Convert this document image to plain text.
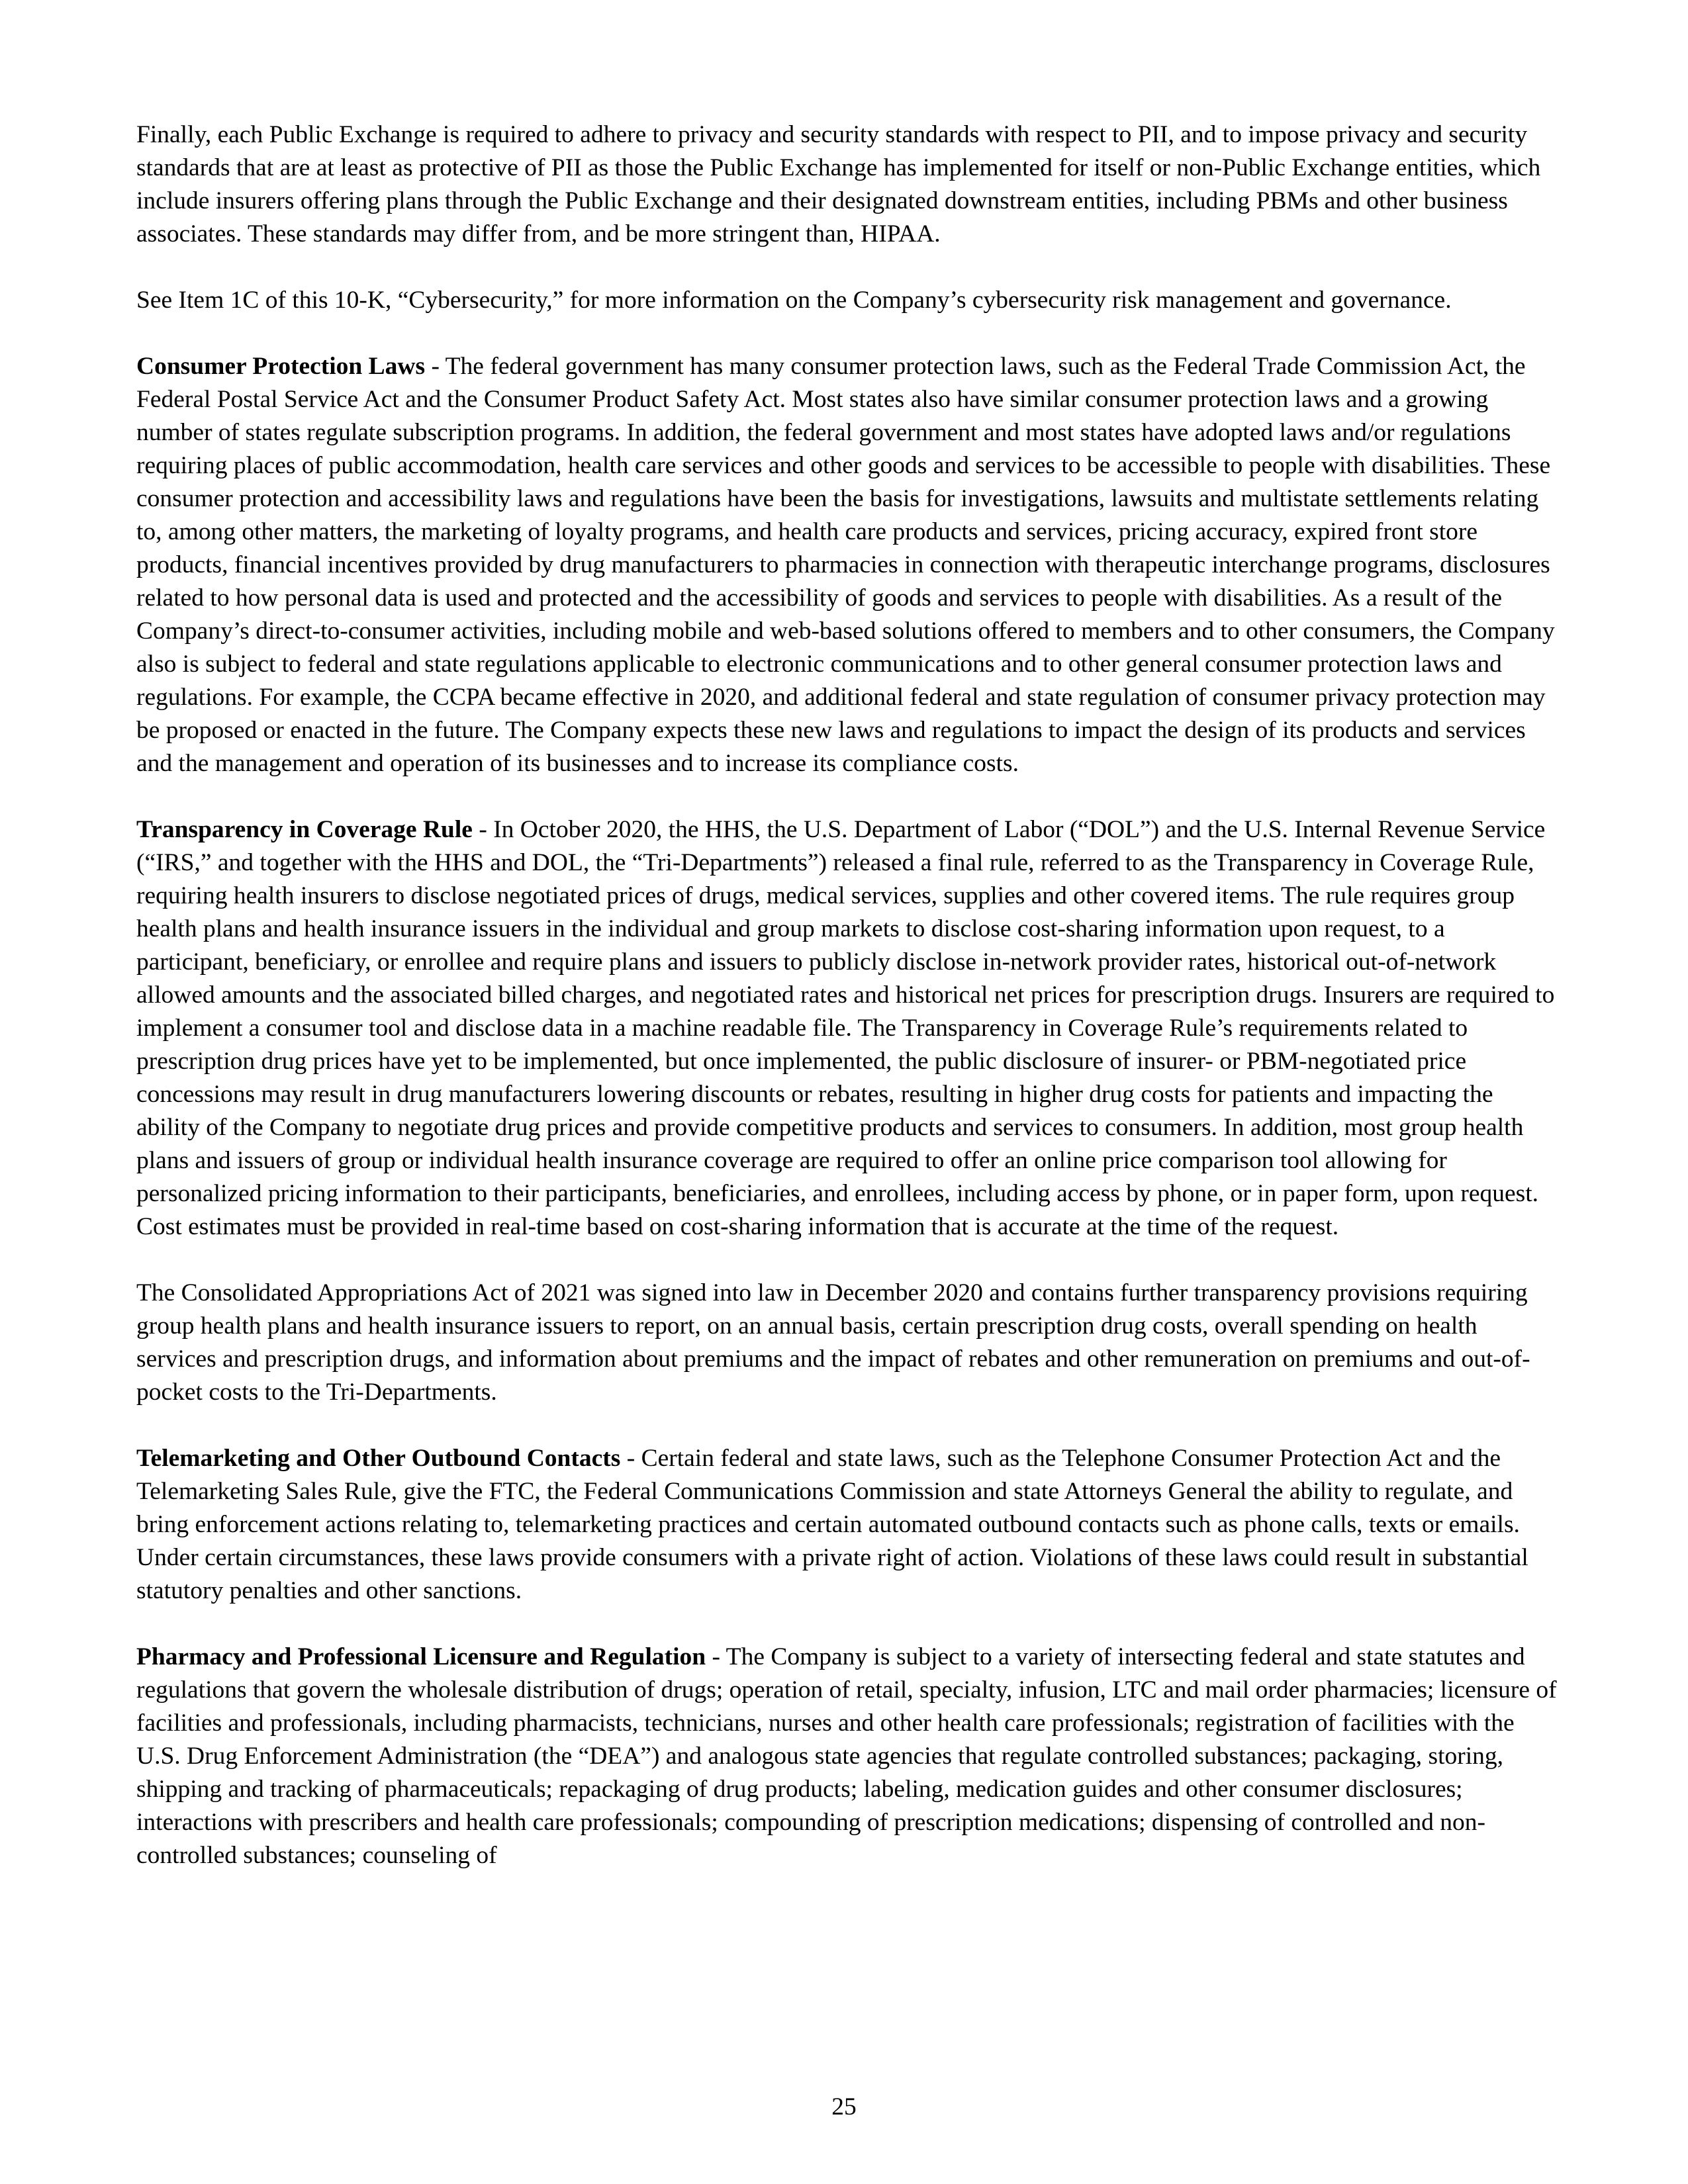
Finally, each Public Exchange is required to adhere to privacy and security standards with respect to PII, and to impose privacy and security standards that are at least as protective of PII as those the Public Exchange has implemented for itself or non-Public Exchange entities, which include insurers offering plans through the Public Exchange and their designated downstream entities, including PBMs and other business associates. These standards may differ from, and be more stringent than, HIPAA.

See Item 1C of this 10-K, “Cybersecurity,” for more information on the Company’s cybersecurity risk management and governance.

Consumer Protection Laws - The federal government has many consumer protection laws, such as the Federal Trade Commission Act, the Federal Postal Service Act and the Consumer Product Safety Act. Most states also have similar consumer protection laws and a growing number of states regulate subscription programs. In addition, the federal government and most states have adopted laws and/or regulations requiring places of public accommodation, health care services and other goods and services to be accessible to people with disabilities. These consumer protection and accessibility laws and regulations have been the basis for investigations, lawsuits and multistate settlements relating to, among other matters, the marketing of loyalty programs, and health care products and services, pricing accuracy, expired front store products, financial incentives provided by drug manufacturers to pharmacies in connection with therapeutic interchange programs, disclosures related to how personal data is used and protected and the accessibility of goods and services to people with disabilities. As a result of the Company’s direct-to-consumer activities, including mobile and web-based solutions offered to members and to other consumers, the Company also is subject to federal and state regulations applicable to electronic communications and to other general consumer protection laws and regulations. For example, the CCPA became effective in 2020, and additional federal and state regulation of consumer privacy protection may be proposed or enacted in the future. The Company expects these new laws and regulations to impact the design of its products and services and the management and operation of its businesses and to increase its compliance costs.

Transparency in Coverage Rule - In October 2020, the HHS, the U.S. Department of Labor (“DOL”) and the U.S. Internal Revenue Service (“IRS,” and together with the HHS and DOL, the “Tri-Departments”) released a final rule, referred to as the Transparency in Coverage Rule, requiring health insurers to disclose negotiated prices of drugs, medical services, supplies and other covered items. The rule requires group health plans and health insurance issuers in the individual and group markets to disclose cost-sharing information upon request, to a participant, beneficiary, or enrollee and require plans and issuers to publicly disclose in-network provider rates, historical out-of-network allowed amounts and the associated billed charges, and negotiated rates and historical net prices for prescription drugs. Insurers are required to implement a consumer tool and disclose data in a machine readable file. The Transparency in Coverage Rule’s requirements related to prescription drug prices have yet to be implemented, but once implemented, the public disclosure of insurer- or PBM-negotiated price concessions may result in drug manufacturers lowering discounts or rebates, resulting in higher drug costs for patients and impacting the ability of the Company to negotiate drug prices and provide competitive products and services to consumers. In addition, most group health plans and issuers of group or individual health insurance coverage are required to offer an online price comparison tool allowing for personalized pricing information to their participants, beneficiaries, and enrollees, including access by phone, or in paper form, upon request. Cost estimates must be provided in real-time based on cost-sharing information that is accurate at the time of the request.

The Consolidated Appropriations Act of 2021 was signed into law in December 2020 and contains further transparency provisions requiring group health plans and health insurance issuers to report, on an annual basis, certain prescription drug costs, overall spending on health services and prescription drugs, and information about premiums and the impact of rebates and other remuneration on premiums and out-of-pocket costs to the Tri-Departments.

Telemarketing and Other Outbound Contacts - Certain federal and state laws, such as the Telephone Consumer Protection Act and the Telemarketing Sales Rule, give the FTC, the Federal Communications Commission and state Attorneys General the ability to regulate, and bring enforcement actions relating to, telemarketing practices and certain automated outbound contacts such as phone calls, texts or emails. Under certain circumstances, these laws provide consumers with a private right of action. Violations of these laws could result in substantial statutory penalties and other sanctions.

Pharmacy and Professional Licensure and Regulation - The Company is subject to a variety of intersecting federal and state statutes and regulations that govern the wholesale distribution of drugs; operation of retail, specialty, infusion, LTC and mail order pharmacies; licensure of facilities and professionals, including pharmacists, technicians, nurses and other health care professionals; registration of facilities with the U.S. Drug Enforcement Administration (the “DEA”) and analogous state agencies that regulate controlled substances; packaging, storing, shipping and tracking of pharmaceuticals; repackaging of drug products; labeling, medication guides and other consumer disclosures; interactions with prescribers and health care professionals; compounding of prescription medications; dispensing of controlled and non-controlled substances; counseling of

25
